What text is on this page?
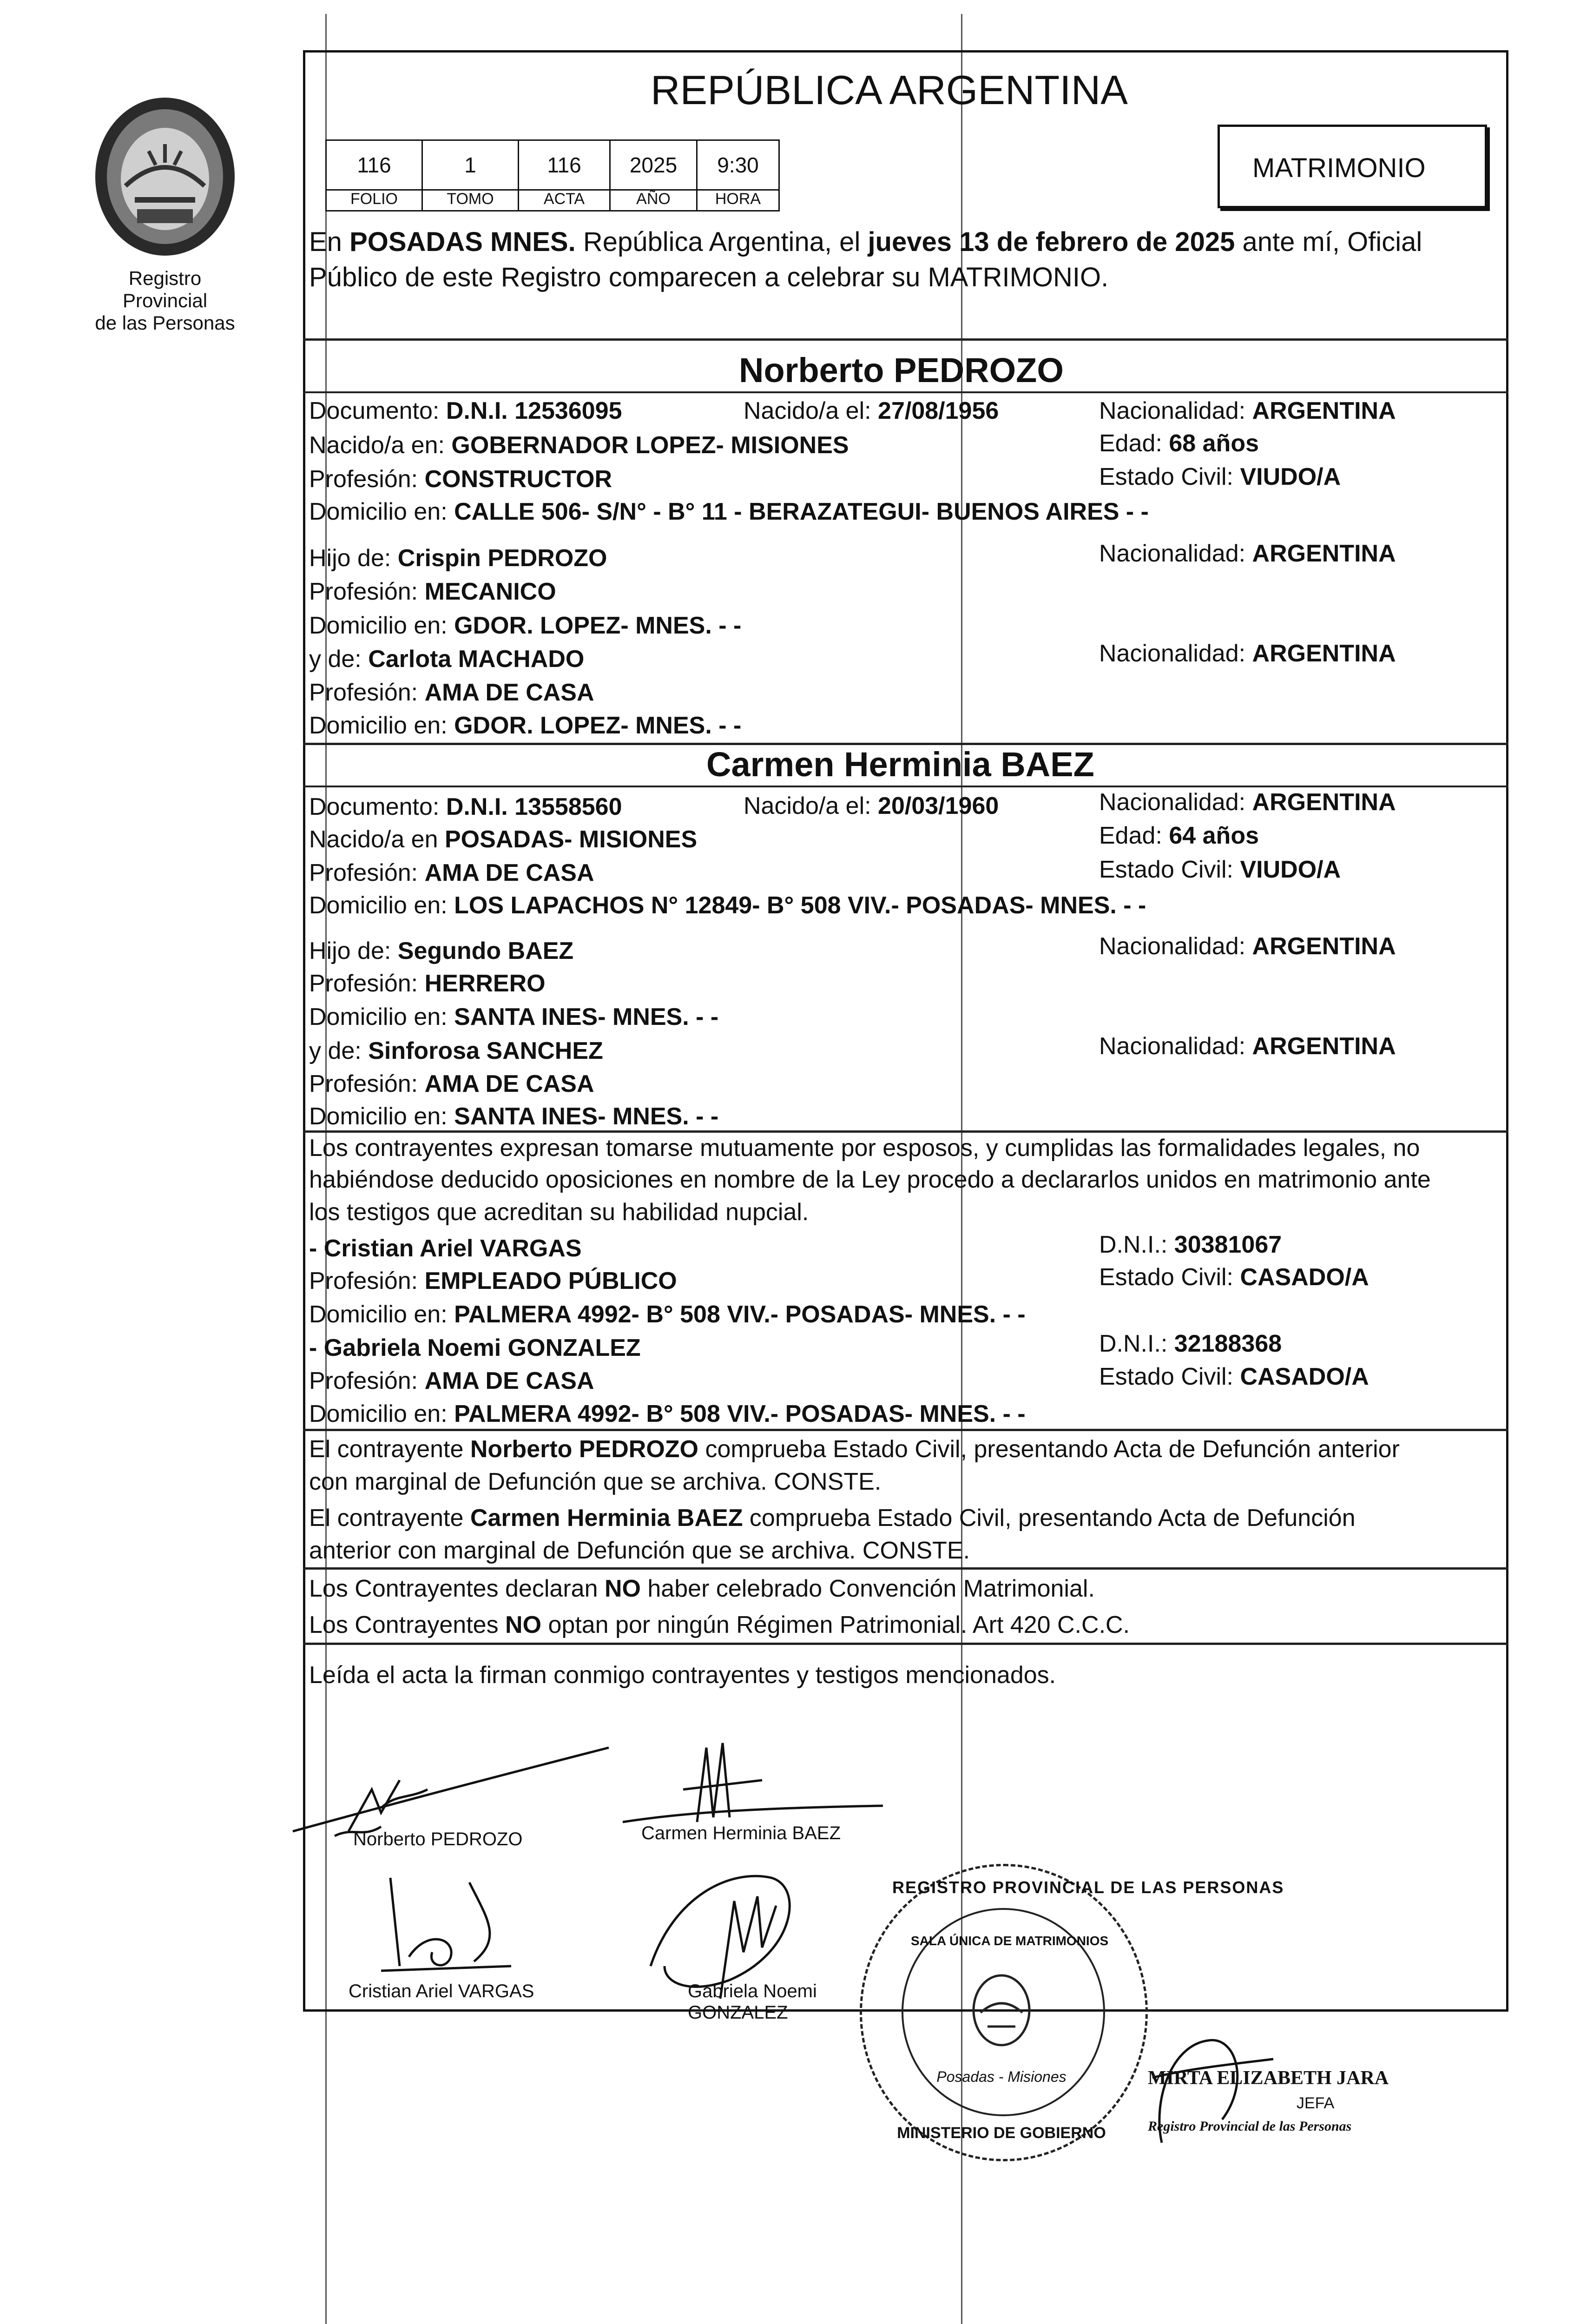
Registro Provincial
de las Personas
REPÚBLICA ARGENTINA
116	1	116	2025	9:30
FOLIO	TOMO	ACTA	AÑO	HORA
MATRIMONIO
En POSADAS MNES. República Argentina, el jueves 13 de febrero de 2025 ante mí, Oficial
Público de este Registro comparecen a celebrar su MATRIMONIO.
Norberto PEDROZO
Documento: D.N.I. 12536095	Nacido/a el: 27/08/1956	Nacionalidad: ARGENTINA
Nacido/a en: GOBERNADOR LOPEZ- MISIONES	Edad: 68 años
Profesión: CONSTRUCTOR	Estado Civil: VIUDO/A
Domicilio en: CALLE 506- S/N° - B° 11 - BERAZATEGUI- BUENOS AIRES - -
Hijo de: Crispin PEDROZO	Nacionalidad: ARGENTINA
Profesión: MECANICO
Domicilio en: GDOR. LOPEZ- MNES. - -
y de: Carlota MACHADO	Nacionalidad: ARGENTINA
Profesión: AMA DE CASA
Domicilio en: GDOR. LOPEZ- MNES. - -
Carmen Herminia BAEZ
Documento: D.N.I. 13558560	Nacido/a el: 20/03/1960	Nacionalidad: ARGENTINA
Nacido/a en POSADAS- MISIONES	Edad: 64 años
Profesión: AMA DE CASA	Estado Civil: VIUDO/A
Domicilio en: LOS LAPACHOS N° 12849- B° 508 VIV.- POSADAS- MNES. - -
Hijo de: Segundo BAEZ	Nacionalidad: ARGENTINA
Profesión: HERRERO
Domicilio en: SANTA INES- MNES. - -
y de: Sinforosa SANCHEZ	Nacionalidad: ARGENTINA
Profesión: AMA DE CASA
Domicilio en: SANTA INES- MNES. - -
Los contrayentes expresan tomarse mutuamente por esposos, y cumplidas las formalidades legales, no
habiéndose deducido oposiciones en nombre de la Ley procedo a declararlos unidos en matrimonio ante
los testigos que acreditan su habilidad nupcial.
- Cristian Ariel VARGAS	D.N.I.: 30381067
Profesión: EMPLEADO PÚBLICO	Estado Civil: CASADO/A
Domicilio en: PALMERA 4992- B° 508 VIV.- POSADAS- MNES. - -
- Gabriela Noemi GONZALEZ	D.N.I.: 32188368
Profesión: AMA DE CASA	Estado Civil: CASADO/A
Domicilio en: PALMERA 4992- B° 508 VIV.- POSADAS- MNES. - -
El contrayente Norberto PEDROZO comprueba Estado Civil, presentando Acta de Defunción anterior
con marginal de Defunción que se archiva. CONSTE.
El contrayente Carmen Herminia BAEZ comprueba Estado Civil, presentando Acta de Defunción
anterior con marginal de Defunción que se archiva. CONSTE.
Los Contrayentes declaran NO haber celebrado Convención Matrimonial.
Los Contrayentes NO optan por ningún Régimen Patrimonial. Art 420 C.C.C.
Leída el acta la firman conmigo contrayentes y testigos mencionados.
Norberto PEDROZO	Carmen Herminia BAEZ
Cristian Ariel VARGAS	Gabriela Noemi
GONZALEZ
REGISTRO PROVINCIAL DE LAS PERSONAS
SALA ÚNICA DE MATRIMONIOS
Posadas - Misiones
MINISTERIO DE GOBIERNO
MIRTA ELIZABETH JARA
JEFA
Registro Provincial de las Personas
